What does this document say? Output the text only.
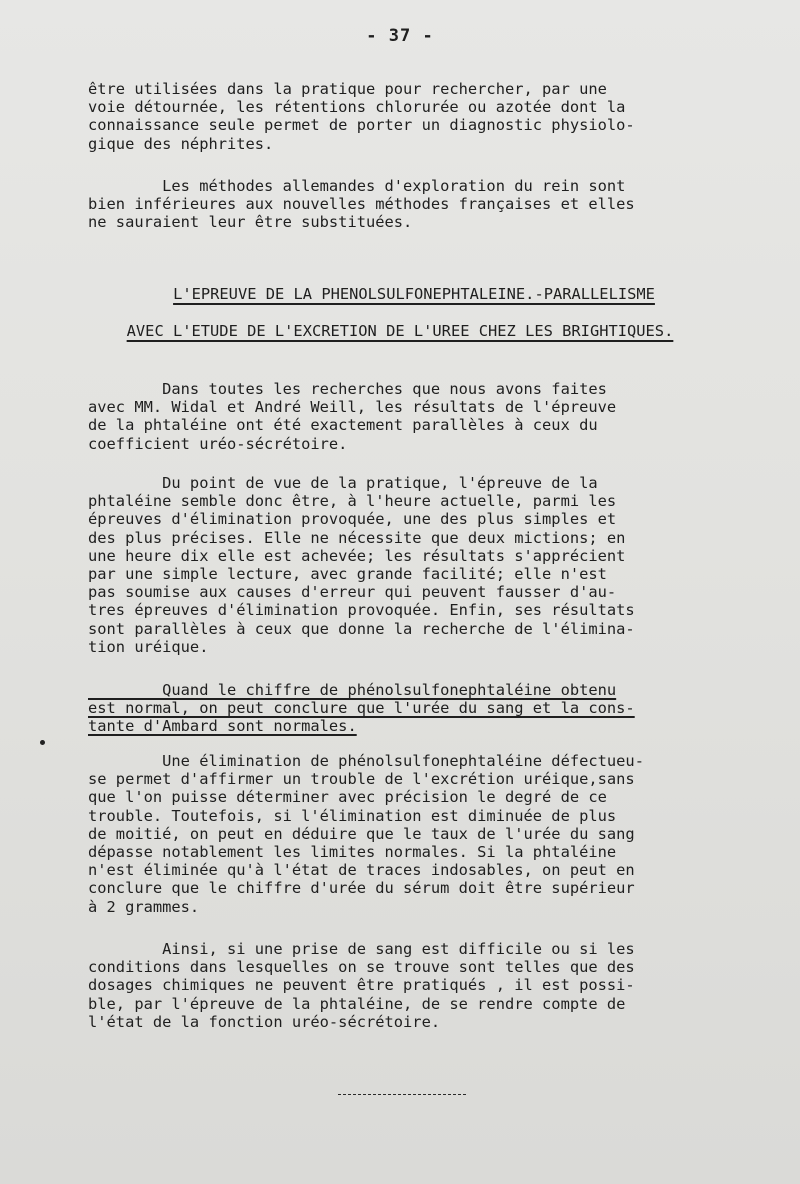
- 37 -

être utilisées dans la pratique pour rechercher, par une
voie détournée, les rétentions chlorurée ou azotée dont la
connaissance seule permet de porter un diagnostic physiolo-
gique des néphrites.

Les méthodes allemandes d'exploration du rein sont
bien inférieures aux nouvelles méthodes françaises et elles
ne sauraient leur être substituées.

L'EPREUVE DE LA PHENOLSULFONEPHTALEINE.-PARALLELISME

AVEC L'ETUDE DE L'EXCRETION DE L'UREE CHEZ LES BRIGHTIQUES.

Dans toutes les recherches que nous avons faites
avec MM. Widal et André Weill, les résultats de l'épreuve
de la phtaléine ont été exactement parallèles à ceux du
coefficient uréo-sécrétoire.

Du point de vue de la pratique, l'épreuve de la
phtaléine semble donc être, à l'heure actuelle, parmi les
épreuves d'élimination provoquée, une des plus simples et
des plus précises. Elle ne nécessite que deux mictions; en
une heure dix elle est achevée; les résultats s'apprécient
par une simple lecture, avec grande facilité; elle n'est
pas soumise aux causes d'erreur qui peuvent fausser d'au-
tres épreuves d'élimination provoquée. Enfin, ses résultats
sont parallèles à ceux que donne la recherche de l'élimina-
tion uréique.

Quand le chiffre de phénolsulfonephtaléine obtenu
est normal, on peut conclure que l'urée du sang et la cons-
tante d'Ambard sont normales.

Une élimination de phénolsulfonephtaléine défectueu-
se permet d'affirmer un trouble de l'excrétion uréique,sans
que l'on puisse déterminer avec précision le degré de ce
trouble. Toutefois, si l'élimination est diminuée de plus
de moitié, on peut en déduire que le taux de l'urée du sang
dépasse notablement les limites normales. Si la phtaléine
n'est éliminée qu'à l'état de traces indosables, on peut en
conclure que le chiffre d'urée du sérum doit être supérieur
à 2 grammes.

Ainsi, si une prise de sang est difficile ou si les
conditions dans lesquelles on se trouve sont telles que des
dosages chimiques ne peuvent être pratiqués , il est possi-
ble, par l'épreuve de la phtaléine, de se rendre compte de
l'état de la fonction uréo-sécrétoire.
